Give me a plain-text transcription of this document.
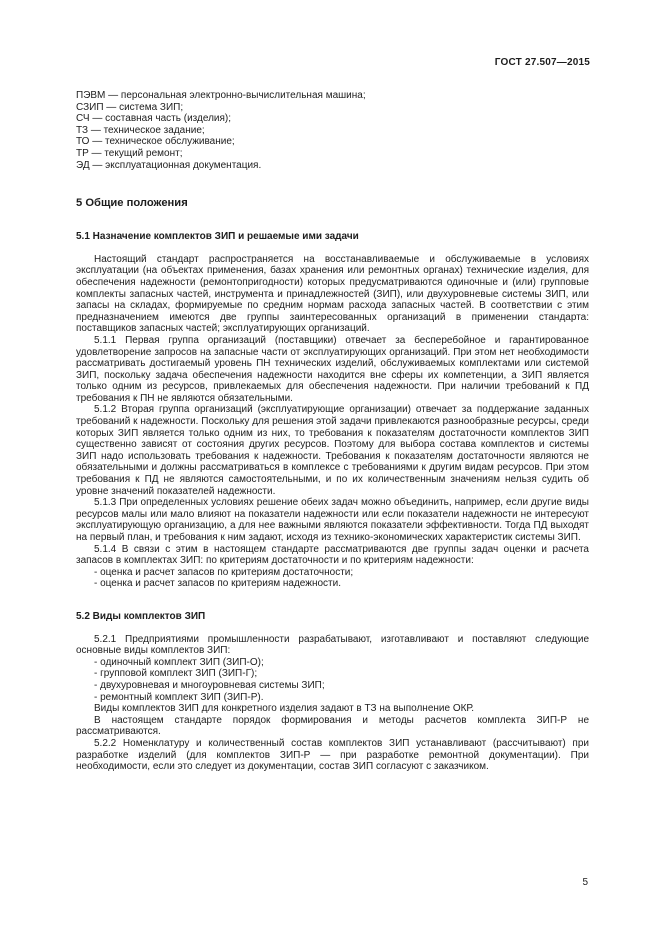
ГОСТ 27.507—2015
ПЭВМ — персональная электронно-вычислительная машина;
СЗИП — система ЗИП;
СЧ — составная часть (изделия);
ТЗ — техническое задание;
ТО — техническое обслуживание;
ТР — текущий ремонт;
ЭД — эксплуатационная документация.
5 Общие положения
5.1 Назначение комплектов ЗИП и решаемые ими задачи

Настоящий стандарт распространяется на восстанавливаемые и обслуживаемые в условиях эксплуатации (на объектах применения, базах хранения или ремонтных органах) технические изделия, для обеспечения надежности (ремонтопригодности) которых предусматриваются одиночные и (или) групповые комплекты запасных частей, инструмента и принадлежностей (ЗИП), или двухуровневые системы ЗИП, или запасы на складах, формируемые по средним нормам расхода запасных частей. В соответствии с этим предназначением имеются две группы заинтересованных организаций в применении стандарта: поставщиков запасных частей; эксплуатирующих организаций.

5.1.1 Первая группа организаций (поставщики) отвечает за бесперебойное и гарантированное удовлетворение запросов на запасные части от эксплуатирующих организаций. При этом нет необходимости рассматривать достигаемый уровень ПН технических изделий, обслуживаемых комплектами или системой ЗИП, поскольку задача обеспечения надежности находится вне сферы их компетенции, а ЗИП является только одним из ресурсов, привлекаемых для обеспечения надежности. При наличии требований к ПД требования к ПН не являются обязательными.

5.1.2 Вторая группа организаций (эксплуатирующие организации) отвечает за поддержание заданных требований к надежности. Поскольку для решения этой задачи привлекаются разнообразные ресурсы, среди которых ЗИП является только одним из них, то требования к показателям достаточности комплектов ЗИП существенно зависят от состояния других ресурсов. Поэтому для выбора состава комплектов и системы ЗИП надо использовать требования к надежности. Требования к показателям достаточности являются не обязательными и должны рассматриваться в комплексе с требованиями к другим видам ресурсов. При этом требования к ПД не являются самостоятельными, и по их количественным значениям нельзя судить об уровне значений показателей надежности.

5.1.3 При определенных условиях решение обеих задач можно объединить, например, если другие виды ресурсов малы или мало влияют на показатели надежности или если показатели надежности не интересуют эксплуатирующую организацию, а для нее важными являются показатели эффективности. Тогда ПД выходят на первый план, и требования к ним задают, исходя из технико-экономических характеристик системы ЗИП.

5.1.4 В связи с этим в настоящем стандарте рассматриваются две группы задач оценки и расчета запасов в комплектах ЗИП: по критериям достаточности и по критериям надежности:

- оценка и расчет запасов по критериям достаточности;

- оценка и расчет запасов по критериям надежности.

5.2 Виды комплектов ЗИП

5.2.1 Предприятиями промышленности разрабатывают, изготавливают и поставляют следующие основные виды комплектов ЗИП:

- одиночный комплект ЗИП (ЗИП-О);

- групповой комплект ЗИП (ЗИП-Г);

- двухуровневая и многоуровневая системы ЗИП;

- ремонтный комплект ЗИП (ЗИП-Р).

Виды комплектов ЗИП для конкретного изделия задают в ТЗ на выполнение ОКР.

В настоящем стандарте порядок формирования и методы расчетов комплекта ЗИП-Р не рассматриваются.

5.2.2 Номенклатуру и количественный состав комплектов ЗИП устанавливают (рассчитывают) при разработке изделий (для комплектов ЗИП-Р — при разработке ремонтной документации). При необходимости, если это следует из документации, состав ЗИП согласуют с заказчиком.

5
